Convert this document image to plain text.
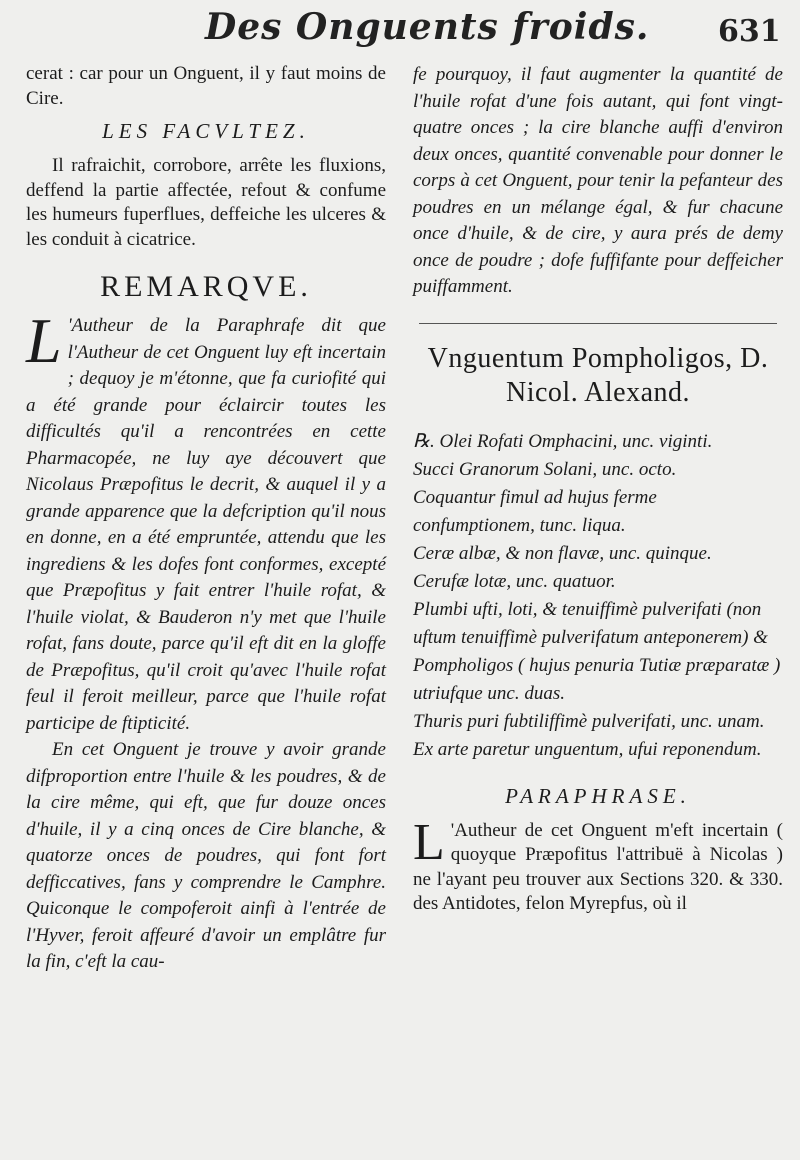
Des Onguents froids. 631

cerat : car pour un Onguent, il y faut moins de Cire.

LES FACVLTEZ.

Il rafraichit, corrobore, arrête les fluxions, deffend la partie affectée, refout & confume les humeurs fuperflues, deffeiche les ulceres & les conduit à cicatrice.

REMARQVE.

L 'Autheur de la Paraphrafe dit que l'Autheur de cet Onguent luy eft incertain ; dequoy je m'étonne, que fa curiofité qui a été grande pour éclaircir toutes les difficultés qu'il a rencontrées en cette Pharmacopée, ne luy aye découvert que Nicolaus Præpofitus le decrit, & auquel il y a grande apparence que la defcription qu'il nous en donne, en a été empruntée, attendu que les ingrediens & les dofes font conformes, excepté que Præpofitus y fait entrer l'huile rofat, & l'huile violat, & Bauderon n'y met que l'huile rofat, fans doute, parce qu'il eft dit en la gloffe de Præpofitus, qu'il croit qu'avec l'huile rofat feul il feroit meilleur, parce que l'huile rofat participe de ftipticité.

En cet Onguent je trouve y avoir grande difproportion entre l'huile & les poudres, & de la cire même, qui eft, que fur douze onces d'huile, il y a cinq onces de Cire blanche, & quatorze onces de poudres, qui font fort defficcatives, fans y comprendre le Camphre. Quiconque le compoferoit ainfi à l'entrée de l'Hyver, feroit affeuré d'avoir un emplâtre fur la fin, c'eft la cau-

fe pourquoy, il faut augmenter la quantité de l'huile rofat d'une fois autant, qui font vingt-quatre onces ; la cire blanche auffi d'environ deux onces, quantité convenable pour donner le corps à cet Onguent, pour tenir la pefanteur des poudres en un mélange égal, & fur chacune once d'huile, & de cire, y aura prés de demy once de poudre ; dofe fuffifante pour deffeicher puiffamment.

Vnguentum Pompholigos, D. Nicol. Alexand.

℞. Olei Rofati Omphacini, unc. viginti.

Succi Granorum Solani, unc. octo.

Coquantur fimul ad hujus ferme confumptionem, tunc. liqua.

Ceræ albæ, & non flavæ, unc. quinque.

Cerufæ lotæ, unc. quatuor.

Plumbi ufti, loti, & tenuiffimè pulverifati (non uftum tenuiffimè pulverifatum anteponerem) &

Pompholigos ( hujus penuria Tutiæ præparatæ ) utriufque unc. duas.

Thuris puri fubtiliffimè pulverifati, unc. unam.

Ex arte paretur unguentum, ufui reponendum.

PARAPHRASE.

L 'Autheur de cet Onguent m'eft incertain ( quoyque Præpofitus l'attribuë à Nicolas ) ne l'ayant peu trouver aux Sections 320. & 330. des Antidotes, felon Myrepfus, où il
